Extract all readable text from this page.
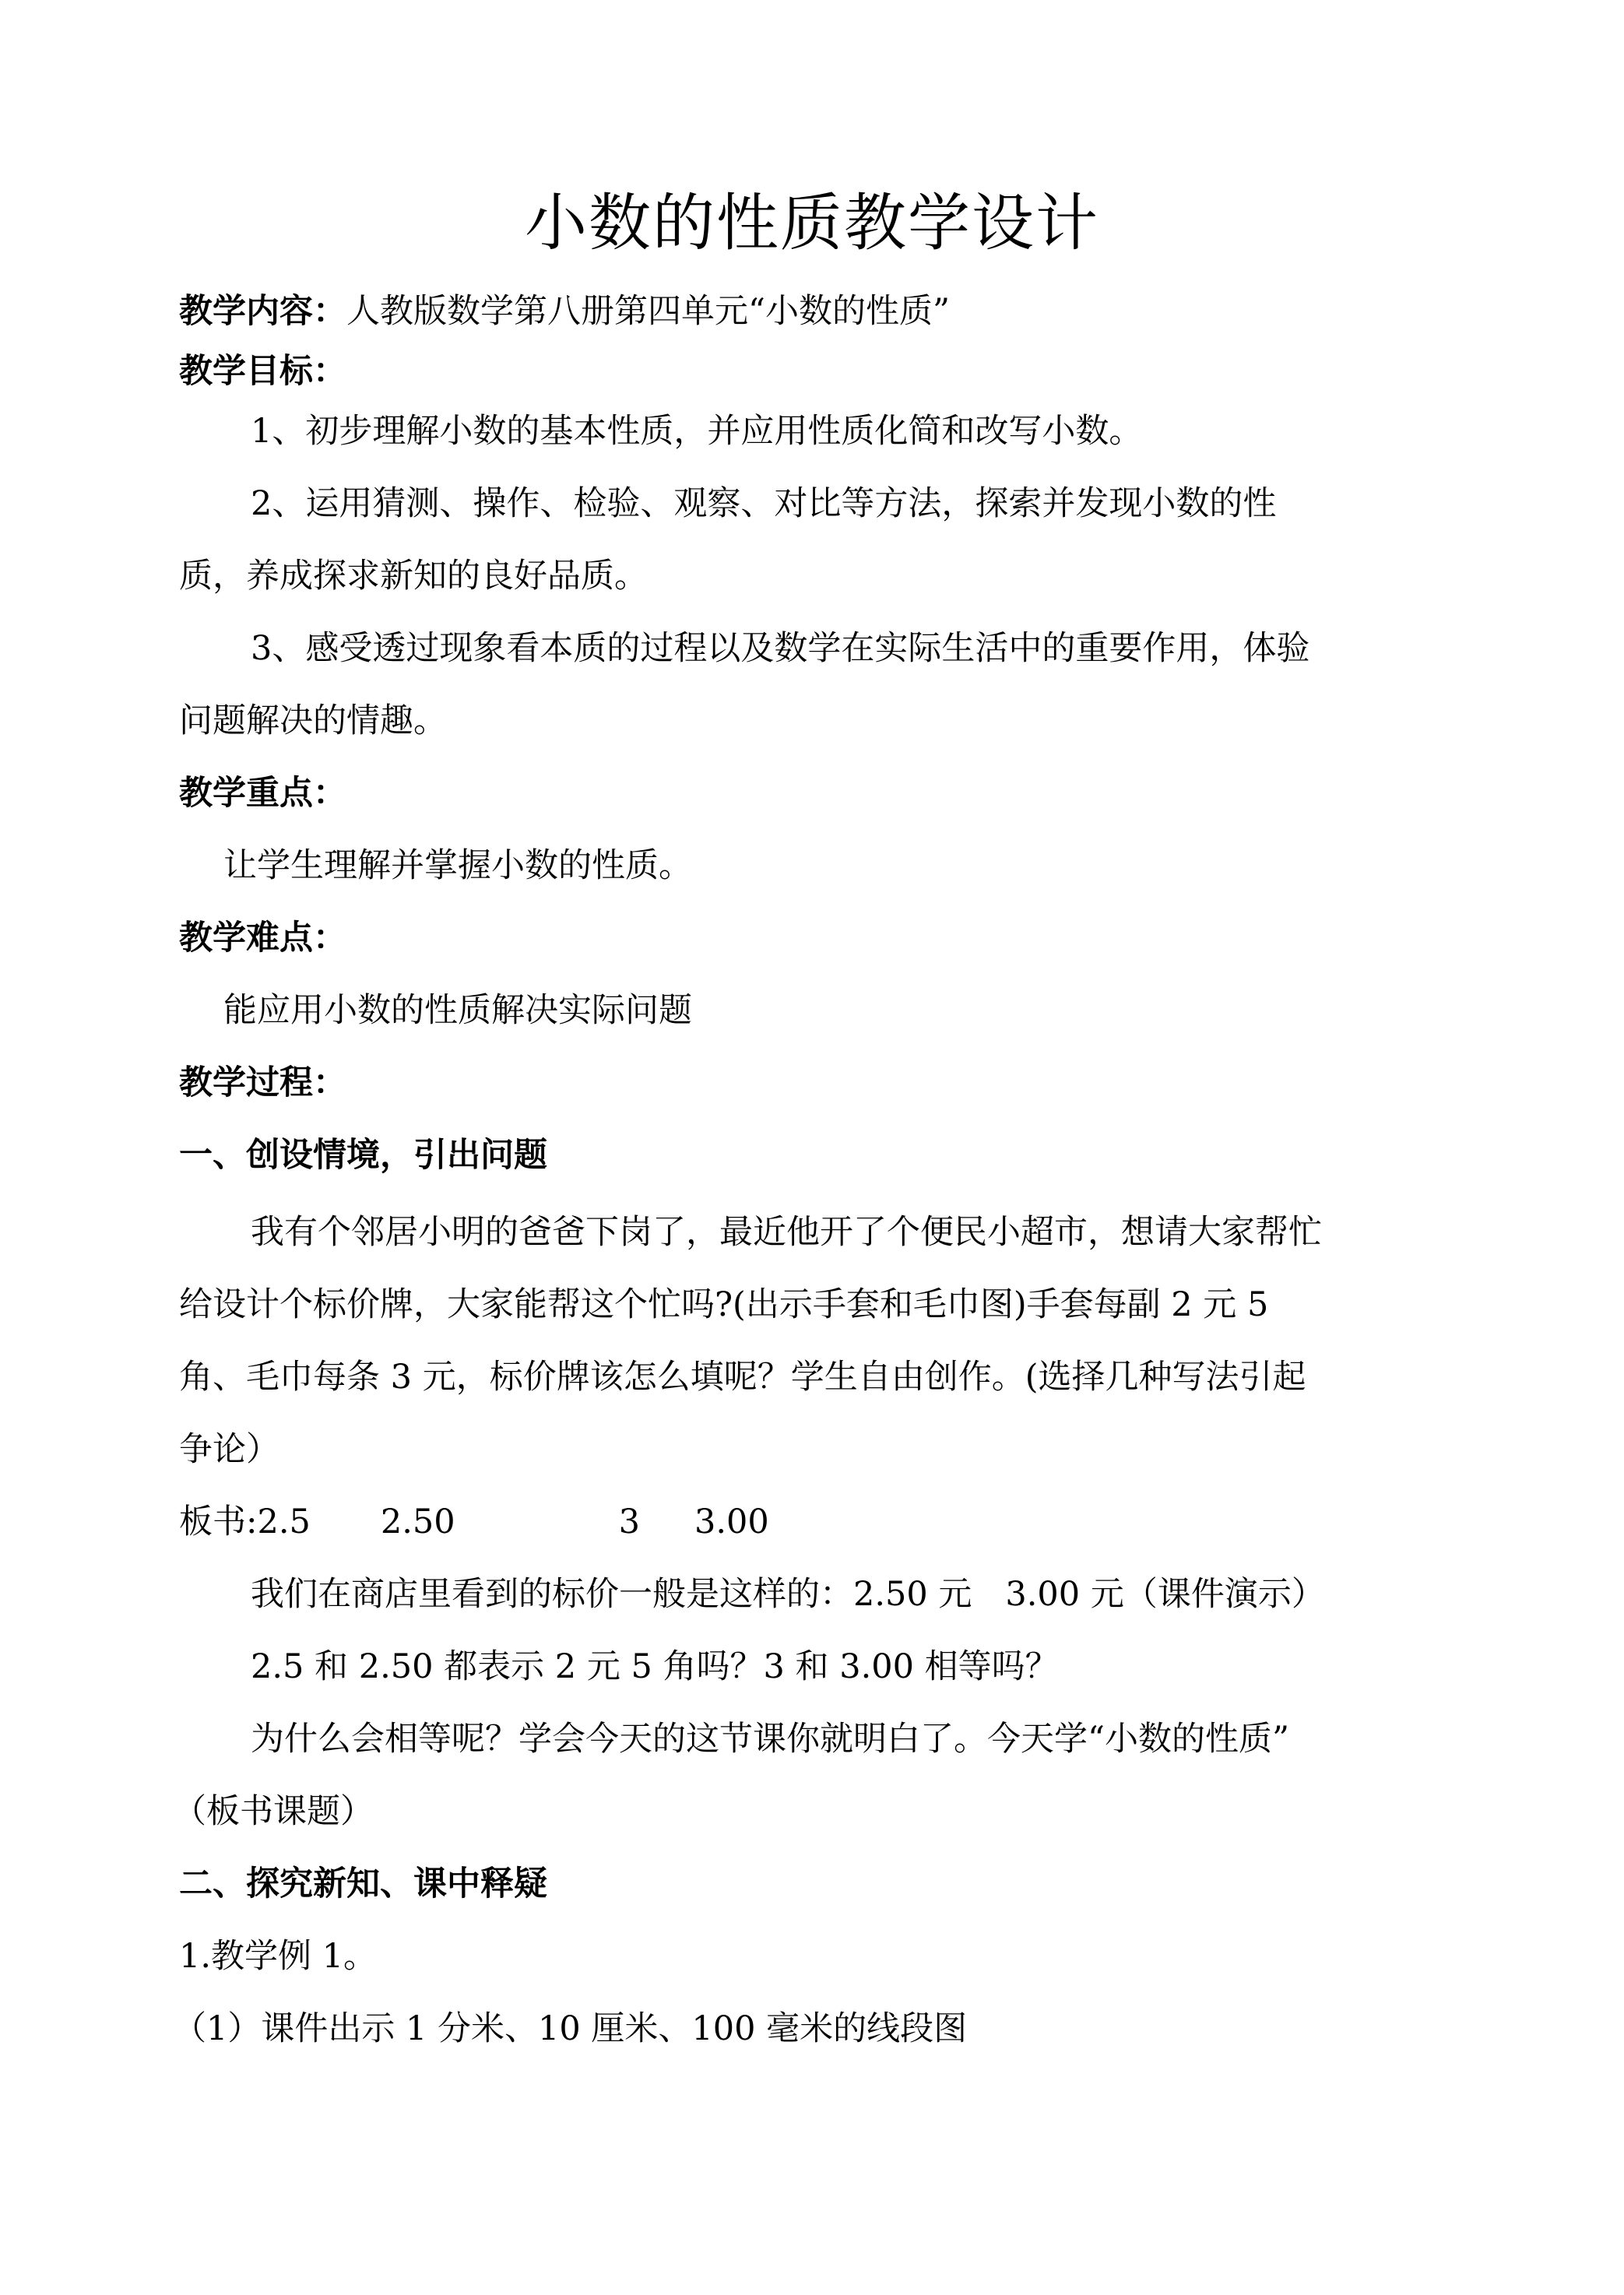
小数的性质教学设计
教学内容：人教版数学第八册第四单元“小数的性质”
教学目标：
1、初步理解小数的基本性质，并应用性质化简和改写小数。
2、运用猜测、操作、检验、观察、对比等方法，探索并发现小数的性
质，养成探求新知的良好品质。
3、感受透过现象看本质的过程以及数学在实际生活中的重要作用，体验
问题解决的情趣。
教学重点：
让学生理解并掌握小数的性质。
教学难点：
能应用小数的性质解决实际问题
教学过程：
一、创设情境，引出问题
我有个邻居小明的爸爸下岗了，最近他开了个便民小超市，想请大家帮忙
给设计个标价牌，大家能帮这个忙吗?(出示手套和毛巾图)手套每副 2 元 5
角、毛巾每条 3 元，标价牌该怎么填呢？学生自由创作。(选择几种写法引起
争论）
板书:2.5 2.50	3 3.00
我们在商店里看到的标价一般是这样的：2.50 元　3.00 元（课件演示）
2.5 和 2.50 都表示 2 元 5 角吗？3 和 3.00 相等吗？
为什么会相等呢？学会今天的这节课你就明白了。今天学“小数的性质”
（板书课题）
二、探究新知、课中释疑
1.教学例 1。
（1）课件出示 1 分米、10 厘米、100 毫米的线段图
